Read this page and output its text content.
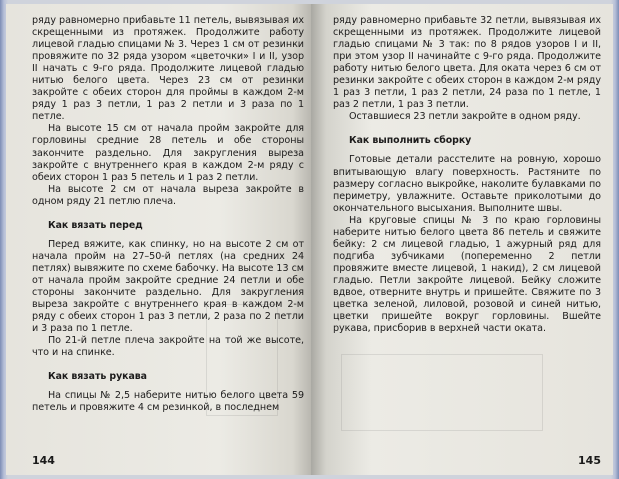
ряду равномерно прибавьте 11 петель, вывязывая их скрещенными из протяжек. Продолжите работу лицевой гладью спицами № 3. Через 1 см от резинки провяжите по 32 ряда узором «цветочки» I и II, узор II начать с 9-го ряда. Продолжите лицевой гладью нитью белого цвета. Через 23 см от резинки закройте с обеих сторон для проймы в каждом 2-м ряду 1 раз 3 петли, 1 раз 2 петли и 3 раза по 1 петле.

На высоте 15 см от начала пройм закройте для горловины средние 28 петель и обе стороны закончите раздельно. Для закругления выреза закройте с внутреннего края в каждом 2-м ряду с обеих сторон 1 раз 5 петель и 1 раз 2 петли.

На высоте 2 см от начала выреза закройте в одном ряду 21 петлю плеча.

Как вязать перед

Перед вяжите, как спинку, но на высоте 2 см от начала пройм на 27–50-й петлях (на средних 24 петлях) вывяжите по схеме бабочку. На высоте 13 см от начала пройм закройте средние 24 петли и обе стороны закончите раздельно. Для закругления выреза закройте с внутреннего края в каждом 2-м ряду с обеих сторон 1 раз 3 петли, 2 раза по 2 петли и 3 раза по 1 петле.

По 21-й петле плеча закройте на той же высоте, что и на спинке.

Как вязать рукава

На спицы № 2,5 наберите нитью белого цвета 59 петель и провяжите 4 см резинкой, в последнем

144

ряду равномерно прибавьте 32 петли, вывязывая их скрещенными из протяжек. Продолжите лицевой гладью спицами № 3 так: по 8 рядов узоров I и II, при этом узор II начинайте с 9-го ряда. Продолжите работу нитью белого цвета. Для оката через 6 см от резинки закройте с обеих сторон в каждом 2-м ряду 1 раз 3 петли, 1 раз 2 петли, 24 раза по 1 петле, 1 раз 2 петли, 1 раз 3 петли.

Оставшиеся 23 петли закройте в одном ряду.

Как выполнить сборку

Готовые детали расстелите на ровную, хорошо впитывающую влагу поверхность. Растяните по размеру согласно выкройке, наколите булавками по периметру, увлажните. Оставьте приколотыми до окончательного высыхания. Выполните швы.

На круговые спицы № 3 по краю горловины наберите нитью белого цвета 86 петель и свяжите бейку: 2 см лицевой гладью, 1 ажурный ряд для подгиба зубчиками (попеременно 2 петли провяжите вместе лицевой, 1 накид), 2 см лицевой гладью. Петли закройте лицевой. Бейку сложите вдвое, отверните внутрь и пришейте. Свяжите по 3 цветка зеленой, лиловой, розовой и синей нитью, цветки пришейте вокруг горловины. Вшейте рукава, присборив в верхней части оката.

145
